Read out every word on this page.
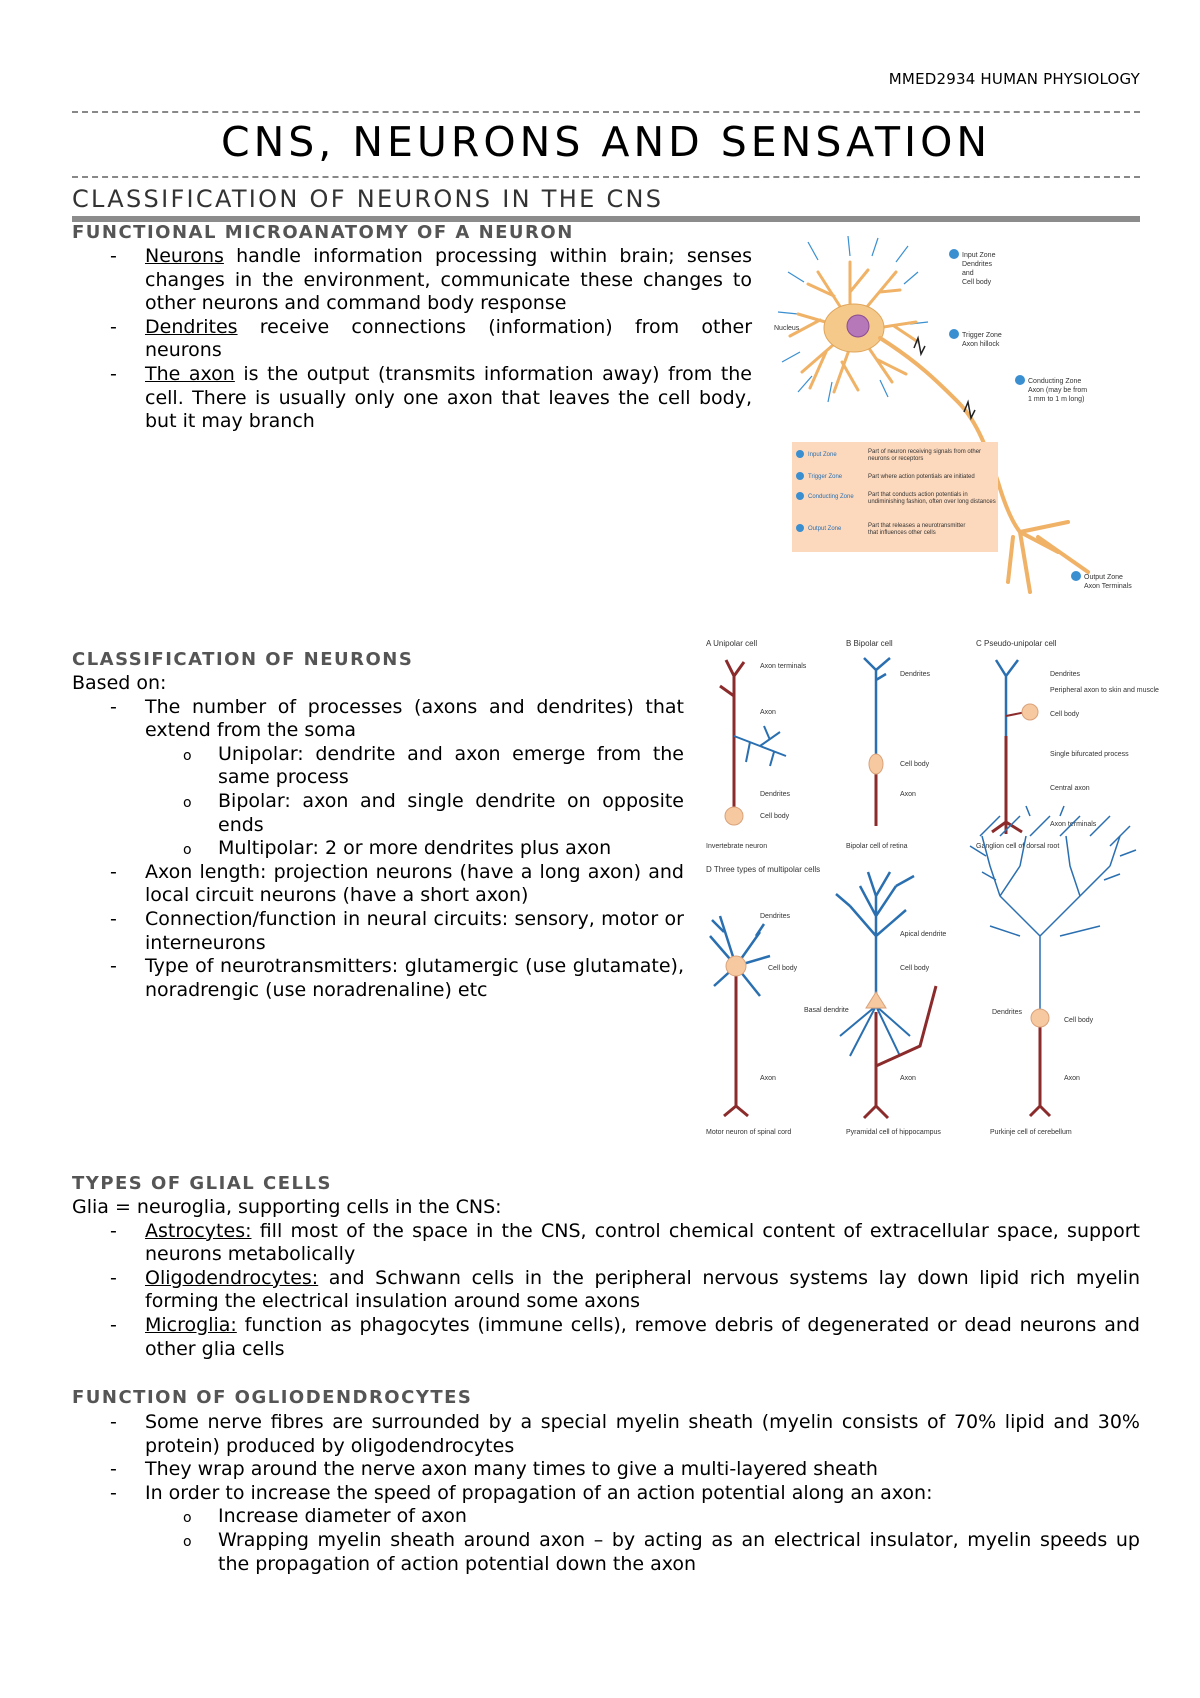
MMED2934 HUMAN PHYSIOLOGY
CNS, NEURONS AND SENSATION
CLASSIFICATION OF NEURONS IN THE CNS
FUNCTIONAL MICROANATOMY OF A NEURON
- Neurons handle information processing within brain; senses changes in the environment, communicate these changes to other neurons and command body response
- Dendrites receive connections (information) from other neurons
- The axon is the output (transmits information away) from the cell. There is usually only one axon that leaves the cell body, but it may branch
Input Zone
Dendrites
and
Cell body
Nucleus
Trigger Zone
Axon hillock
Conducting Zone
Axon (may be from
1 mm to 1 m long)
Output Zone
Axon Terminals
Input Zone	Part of neuron receiving signals from other
neurons or receptors
Trigger Zone	Part where action potentials are initiated
Conducting Zone Part that conducts action potentials in
undiminishing fashion, often over long distances
Output Zone	Part that releases a neurotransmitter
that influences other cells
CLASSIFICATION OF NEURONS
Based on:
- The number of processes (axons and dendrites) that extend from the soma
o Unipolar: dendrite and axon emerge from the same process
o Bipolar: axon and single dendrite on opposite ends
o Multipolar: 2 or more dendrites plus axon
- Axon length: projection neurons (have a long axon) and local circuit neurons (have a short axon)
- Connection/function in neural circuits: sensory, motor or interneurons
- Type of neurotransmitters: glutamergic (use glutamate), noradrengic (use noradrenaline) etc
A Unipolar cell	B Bipolar cell	C Pseudo-unipolar cell
D Three types of multipolar cells
Axon terminals
Axon
Dendrites
Cell body
Invertebrate neuron
Dendrites
Cell body
Axon
Bipolar cell of retina
Dendrites
Peripheral axon to skin and muscle
Cell body
Single bifurcated process
Central axon
Axon terminals
Ganglion cell of dorsal root
Dendrites
Cell body
Axon
Motor neuron of spinal cord
Apical dendrite
Cell body
Basal dendrite
Axon
Pyramidal cell of hippocampus
Dendrites
Cell body
Axon
Purkinje cell of cerebellum
TYPES OF GLIAL CELLS
Glia = neuroglia, supporting cells in the CNS:
- Astrocytes: fill most of the space in the CNS, control chemical content of extracellular space, support neurons metabolically
- Oligodendrocytes: and Schwann cells in the peripheral nervous systems lay down lipid rich myelin forming the electrical insulation around some axons
- Microglia: function as phagocytes (immune cells), remove debris of degenerated or dead neurons and other glia cells
FUNCTION OF OGLIODENDROCYTES
- Some nerve fibres are surrounded by a special myelin sheath (myelin consists of 70% lipid and 30% protein) produced by oligodendrocytes
- They wrap around the nerve axon many times to give a multi-layered sheath
- In order to increase the speed of propagation of an action potential along an axon:
o Increase diameter of axon
o Wrapping myelin sheath around axon – by acting as an electrical insulator, myelin speeds up the propagation of action potential down the axon
